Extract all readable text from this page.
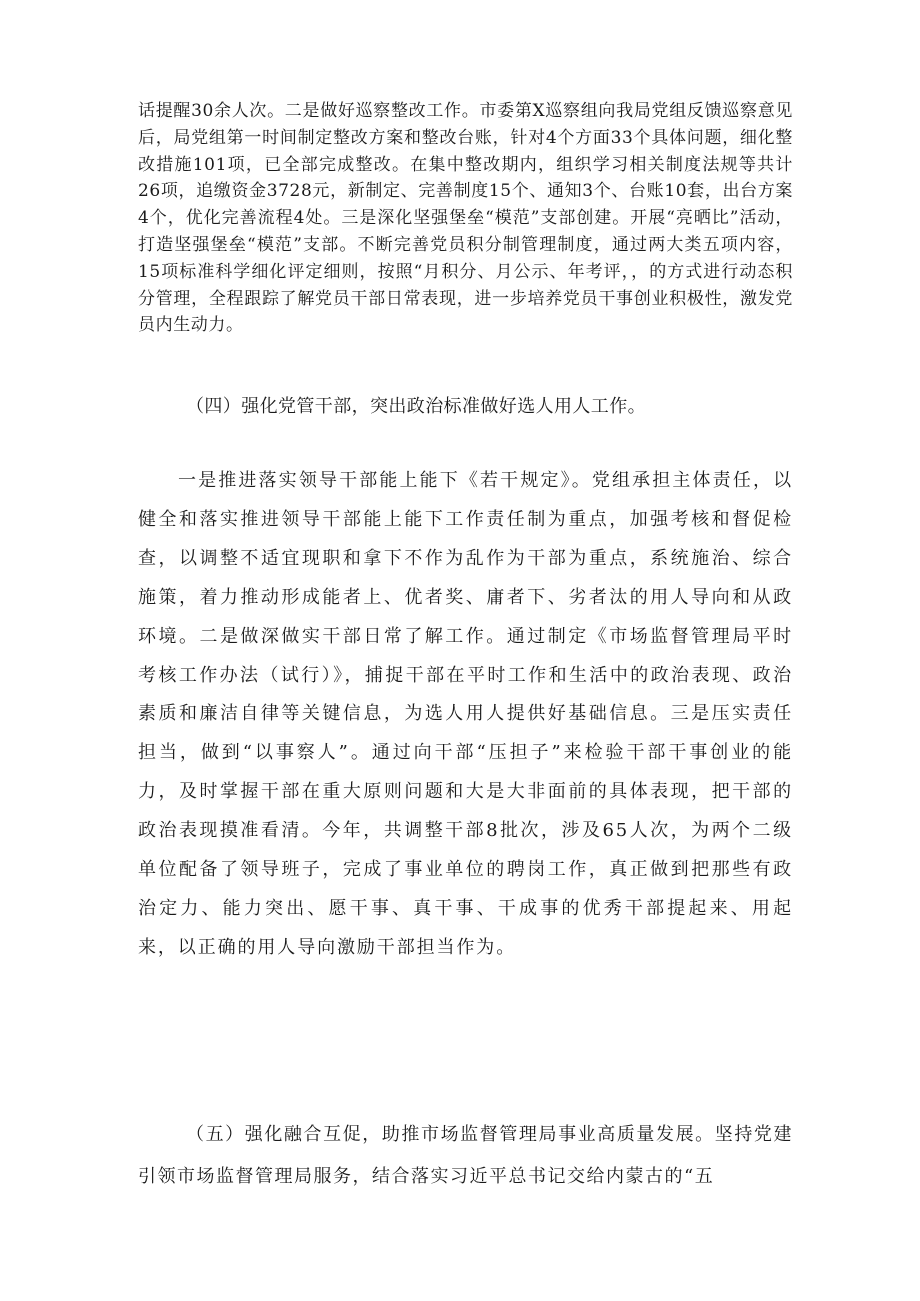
话提醒30余人次。二是做好巡察整改工作。市委第X巡察组向我局党组反馈巡察意见后，局党组第一时间制定整改方案和整改台账，针对4个方面33个具体问题，细化整改措施101项，已全部完成整改。在集中整改期内，组织学习相关制度法规等共计26项，追缴资金3728元，新制定、完善制度15个、通知3个、台账10套，出台方案4个，优化完善流程4处。三是深化坚强堡垒“模范”支部创建。开展“亮晒比”活动，打造坚强堡垒“模范”支部。不断完善党员积分制管理制度，通过两大类五项内容，15项标准科学细化评定细则，按照“月积分、月公示、年考评，，的方式进行动态积分管理，全程跟踪了解党员干部日常表现，进一步培养党员干事创业积极性，激发党员内生动力。

（四）强化党管干部，突出政治标准做好选人用人工作。

一是推进落实领导干部能上能下《若干规定》。党组承担主体责任，以健全和落实推进领导干部能上能下工作责任制为重点，加强考核和督促检查，以调整不适宜现职和拿下不作为乱作为干部为重点，系统施治、综合施策，着力推动形成能者上、优者奖、庸者下、劣者汰的用人导向和从政环境。二是做深做实干部日常了解工作。通过制定《市场监督管理局平时考核工作办法（试行）》，捕捉干部在平时工作和生活中的政治表现、政治素质和廉洁自律等关键信息，为选人用人提供好基础信息。三是压实责任担当，做到“以事察人”。通过向干部“压担子”来检验干部干事创业的能力，及时掌握干部在重大原则问题和大是大非面前的具体表现，把干部的政治表现摸准看清。今年，共调整干部8批次，涉及65人次，为两个二级单位配备了领导班子，完成了事业单位的聘岗工作，真正做到把那些有政治定力、能力突出、愿干事、真干事、干成事的优秀干部提起来、用起来，以正确的用人导向激励干部担当作为。

（五）强化融合互促，助推市场监督管理局事业高质量发展。坚持党建引领市场监督管理局服务，结合落实习近平总书记交给内蒙古的“五
